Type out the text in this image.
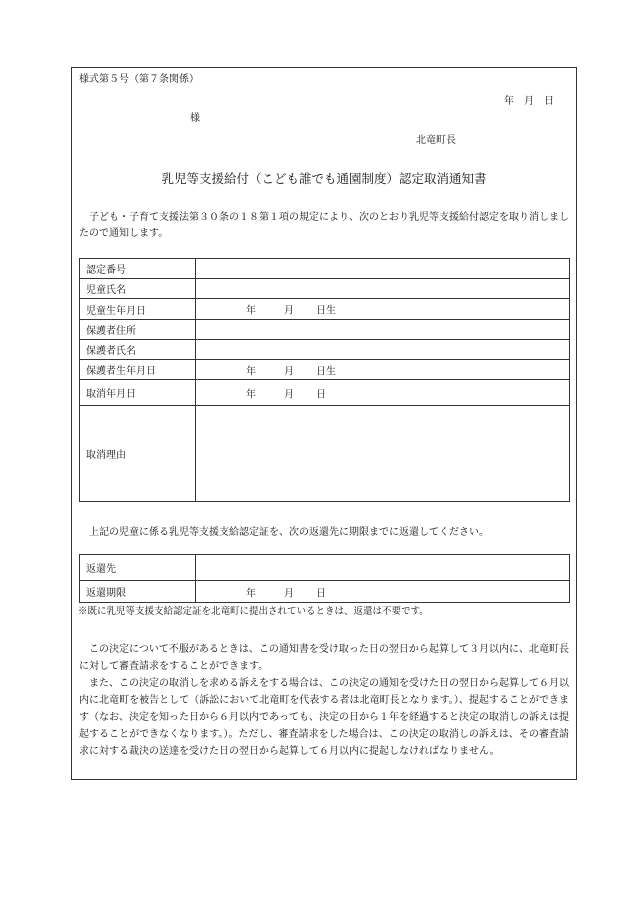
様式第５号（第７条関係）
年　月　日
様
北竜町長
乳児等支援給付（こども誰でも通園制度）認定取消通知書
子ども・子育て支援法第３０条の１８第１項の規定により、次のとおり乳児等支援給付認定を取り消しましたので通知します。
認定番号	
児童氏名	
児童生年月日	年 月 日生

保護者住所	
保護者氏名	
保護者生年月日	年 月 日生

取消年月日	年 月 日

取消理由	
上記の児童に係る乳児等支援支給認定証を、次の返還先に期限までに返還してください。
返還先	
返還期限	年 月 日
※既に乳児等支援支給認定証を北竜町に提出されているときは、返還は不要です。
この決定について不服があるときは、この通知書を受け取った日の翌日から起算して３月以内に、北竜町長に対して審査請求をすることができます。
また、この決定の取消しを求める訴えをする場合は、この決定の通知を受けた日の翌日から起算して６月以内に北竜町を被告として（訴訟において北竜町を代表する者は北竜町長となります。）、提起することができます（なお、決定を知った日から６月以内であっても、決定の日から１年を経過すると決定の取消しの訴えは提起することができなくなります。）。ただし、審査請求をした場合は、この決定の取消しの訴えは、その審査請求に対する裁決の送達を受けた日の翌日から起算して６月以内に提起しなければなりません。
